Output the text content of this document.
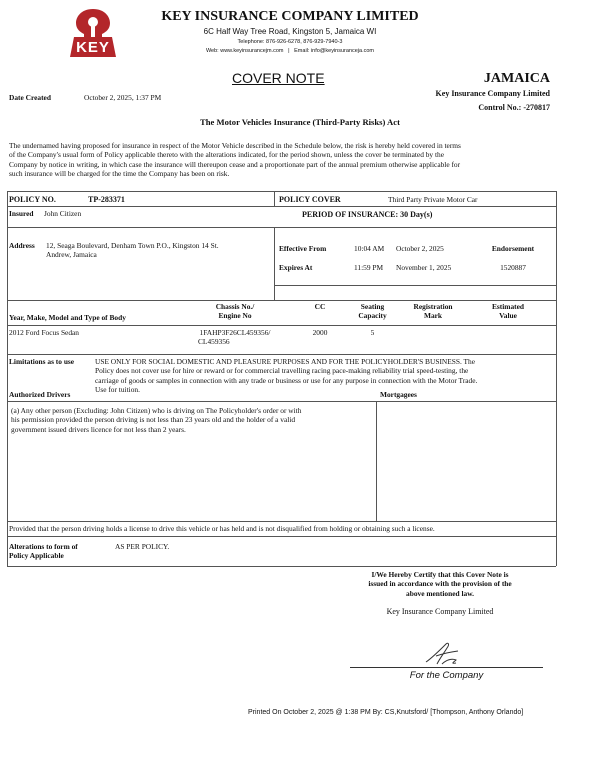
KEY
KEY INSURANCE COMPANY LIMITED
6C Half Way Tree Road, Kingston 5, Jamaica WI
Telephone: 876-926-6278, 876-929-7940-3
Web: www.keyinsurancejm.com | Email: info@keyinsuranceja.com
COVER NOTE	JAMAICA
Key Insurance Company Limited
Control No.: -270817
Date Created	October 2, 2025, 1:37 PM
The Motor Vehicles Insurance (Third-Party Risks) Act
The undernamed having proposed for insurance in respect of the Motor Vehicle described in the Schedule below, the risk is hereby held covered in terms
of the Company's usual form of Policy applicable thereto with the alterations indicated, for the period shown, unless the cover be terminated by the
Company by notice in writing, in which case the insurance will thereupon cease and a proportionate part of the annual premium otherwise applicable for
such insurance will be charged for the time the Company has been on risk.
POLICY NO.	TP-283371	POLICY COVER	Third Party Private Motor Car
Insured John Citizen	PERIOD OF INSURANCE: 30 Day(s)
Address 12, Seaga Boulevard, Denham Town P.O., Kingston 14 St.
Andrew, Jamaica
Effective From	10:04 AM October 2, 2025
Expires At	11:59 PM November 1, 2025
Endorsement
1520887
Year, Make, Model and Type of Body
Chassis No./
Engine No
CC	Seating
Capacity
Registration
Mark
Estimated
Value
2012 Ford Focus Sedan	1FAHP3F26CL459356/
CL459356
2000	5
Limitations as to use	USE ONLY FOR SOCIAL DOMESTIC AND PLEASURE PURPOSES AND FOR THE POLICYHOLDER'S BUSINESS. The
Policy does not cover use for hire or reward or for commercial travelling racing pace-making reliability trial speed-testing, the
carriage of goods or samples in connection with any trade or business or use for any purpose in connection with the Motor Trade.
Use for tuition.
Authorized Drivers	Mortgagees
(a) Any other person (Excluding: John Citizen) who is driving on The Policyholder's order or with
his permission provided the person driving is not less than 23 years old and the holder of a valid
government issued drivers licence for not less than 2 years.
Provided that the person driving holds a license to drive this vehicle or has held and is not disqualified from holding or obtaining such a license.
Alterations to form of
Policy Applicable
AS PER POLICY.
I/We Hereby Certify that this Cover Note is
issued in accordance with the provision of the
above mentioned law.
Key Insurance Company Limited
For the Company
Printed On October 2, 2025 @ 1:38 PM By: CS,Knutsford/ [Thompson, Anthony Orlando]
